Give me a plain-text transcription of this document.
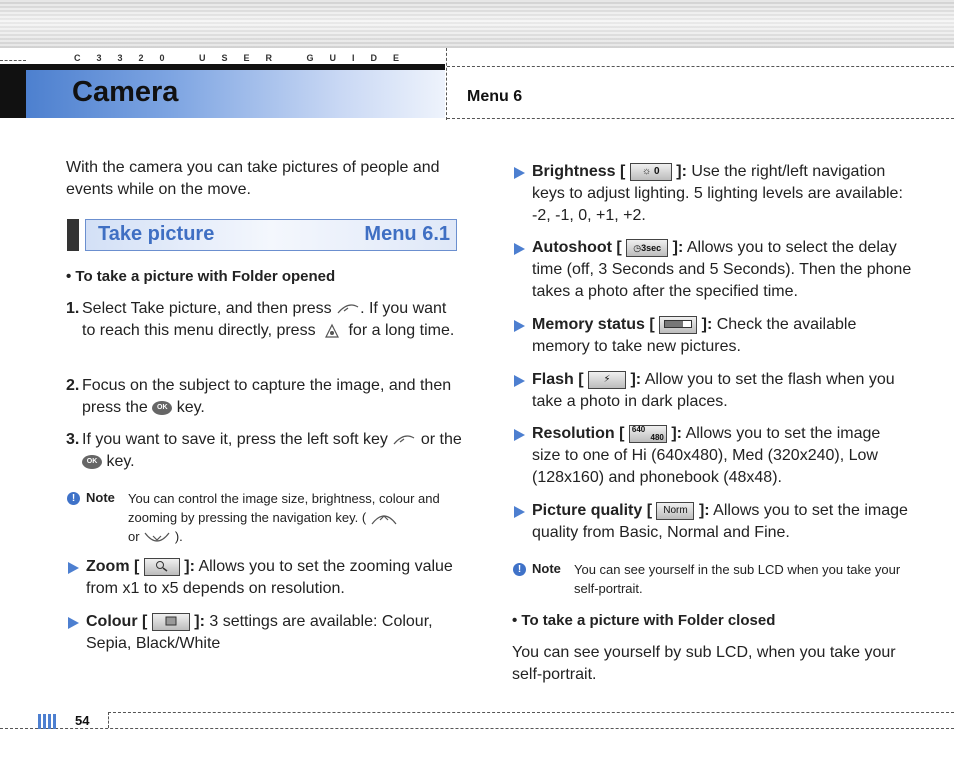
C3320 USER GUIDE
Camera	Menu 6
With the camera you can take pictures of people and events while on the move.
Take picture	Menu 6.1
• To take a picture with Folder opened
1. Select Take picture, and then press . If you want to reach this menu directly, press for a long time.
2. Focus on the subject to capture the image, and then press the OK key.
3. If you want to save it, press the left soft key or the OK key.
! Note You can control the image size, brightness, colour and zooming by pressing the navigation key. (
or	).
Zoom [	]: Allows you to set the zooming value from x1 to x5 depends on resolution.
Colour [	]: 3 settings are available: Colour, Sepia, Black/White
Brightness [ ☼ 0 ]: Use the right/left navigation keys to adjust lighting. 5 lighting levels are available: -2, -1, 0, +1, +2.
Autoshoot [ ◷3sec ]: Allows you to select the delay time (off, 3 Seconds and 5 Seconds). Then the phone takes a photo after the specified time.
Memory status [	]: Check the available memory to take new pictures.
Flash [ ⚡ ]: Allow you to set the flash when you take a photo in dark places.
Resolution [ 640
480 ]: Allows you to set the image size to one of Hi (640x480), Med (320x240), Low (128x160) and phonebook (48x48).
Picture quality [ Norm ]: Allows you to set the image quality from Basic, Normal and Fine.
! Note You can see yourself in the sub LCD when you take your self-portrait.
• To take a picture with Folder closed
You can see yourself by sub LCD, when you take your self-portrait.
54
